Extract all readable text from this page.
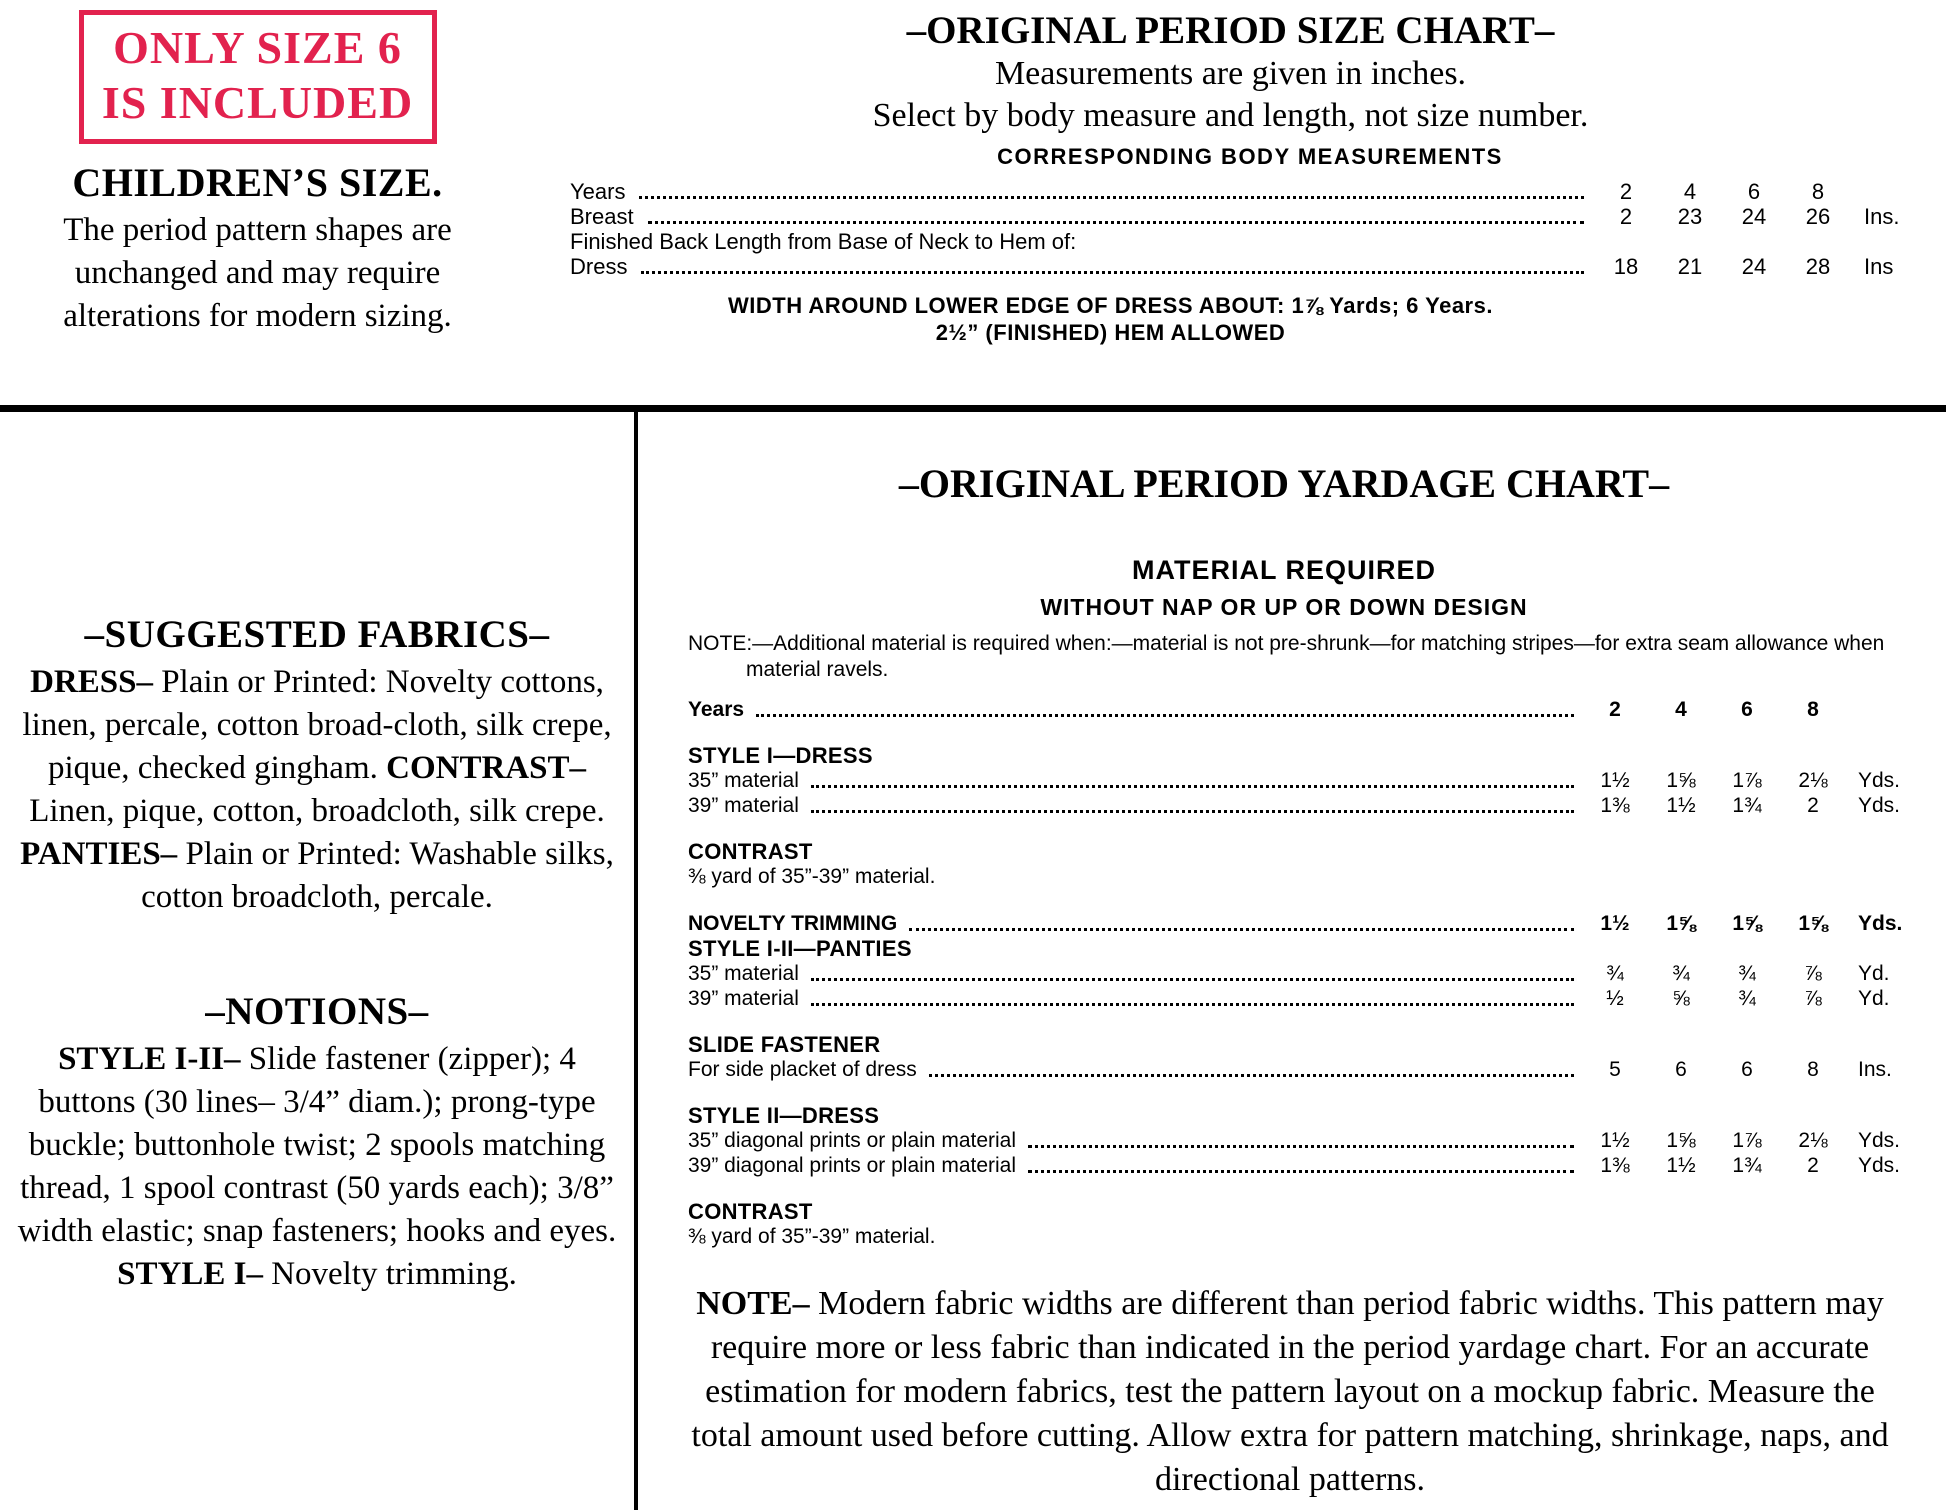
ONLY SIZE 6
IS INCLUDED
CHILDREN’S SIZE.
The period pattern shapes are unchanged and may require alterations for modern sizing.
–ORIGINAL PERIOD SIZE CHART–
Measurements are given in inches.
Select by body measure and length, not size number.
CORRESPONDING BODY MEASUREMENTS
Years	2	4	6	8
Breast	2	23	24	26	Ins.
Finished Back Length from Base of Neck to Hem of:
Dress	18	21	24	28	Ins
WIDTH AROUND LOWER EDGE OF DRESS ABOUT: 1⅞ Yards; 6 Years.
2½” (FINISHED) HEM ALLOWED
–SUGGESTED FABRICS–

DRESS– Plain or Printed: Novelty cottons, linen, percale, cotton broad-cloth, silk crepe, pique, checked gingham. CONTRAST– Linen, pique, cotton, broadcloth, silk crepe. PANTIES– Plain or Printed: Washable silks, cotton broadcloth, percale.

–NOTIONS–

STYLE I-II– Slide fastener (zipper); 4 buttons (30 lines– 3/4” diam.); prong-type buckle; buttonhole twist; 2 spools matching thread, 1 spool contrast (50 yards each); 3/8” width elastic; snap fasteners; hooks and eyes. STYLE I– Novelty trimming.

–ORIGINAL PERIOD YARDAGE CHART–
MATERIAL REQUIRED
WITHOUT NAP OR UP OR DOWN DESIGN

NOTE:—Additional material is required when:—material is not pre-shrunk—for matching stripes—for extra seam allowance when material ravels.

Years	2	4	6	8
STYLE I—DRESS
35” material	1½	1⅝	1⅞	2⅛	Yds.
39” material	1⅜	1½	1¾	2	Yds.
CONTRAST
⅜ yard of 35”-39” material.
NOVELTY TRIMMING	1½	1⅝	1⅝	1⅝	Yds.
STYLE I-II—PANTIES
35” material	¾	¾	¾	⅞	Yd.
39” material	½	⅝	¾	⅞	Yd.
SLIDE FASTENER
For side placket of dress	5	6	6	8	Ins.
STYLE II—DRESS
35” diagonal prints or plain material	1½	1⅝	1⅞	2⅛	Yds.
39” diagonal prints or plain material	1⅜	1½	1¾	2	Yds.
CONTRAST
⅜ yard of 35”-39” material.

NOTE– Modern fabric widths are different than period fabric widths. This pattern may require more or less fabric than indicated in the period yardage chart. For an accurate estimation for modern fabrics, test the pattern layout on a mockup fabric. Measure the total amount used before cutting. Allow extra for pattern matching, shrinkage, naps, and directional patterns.
